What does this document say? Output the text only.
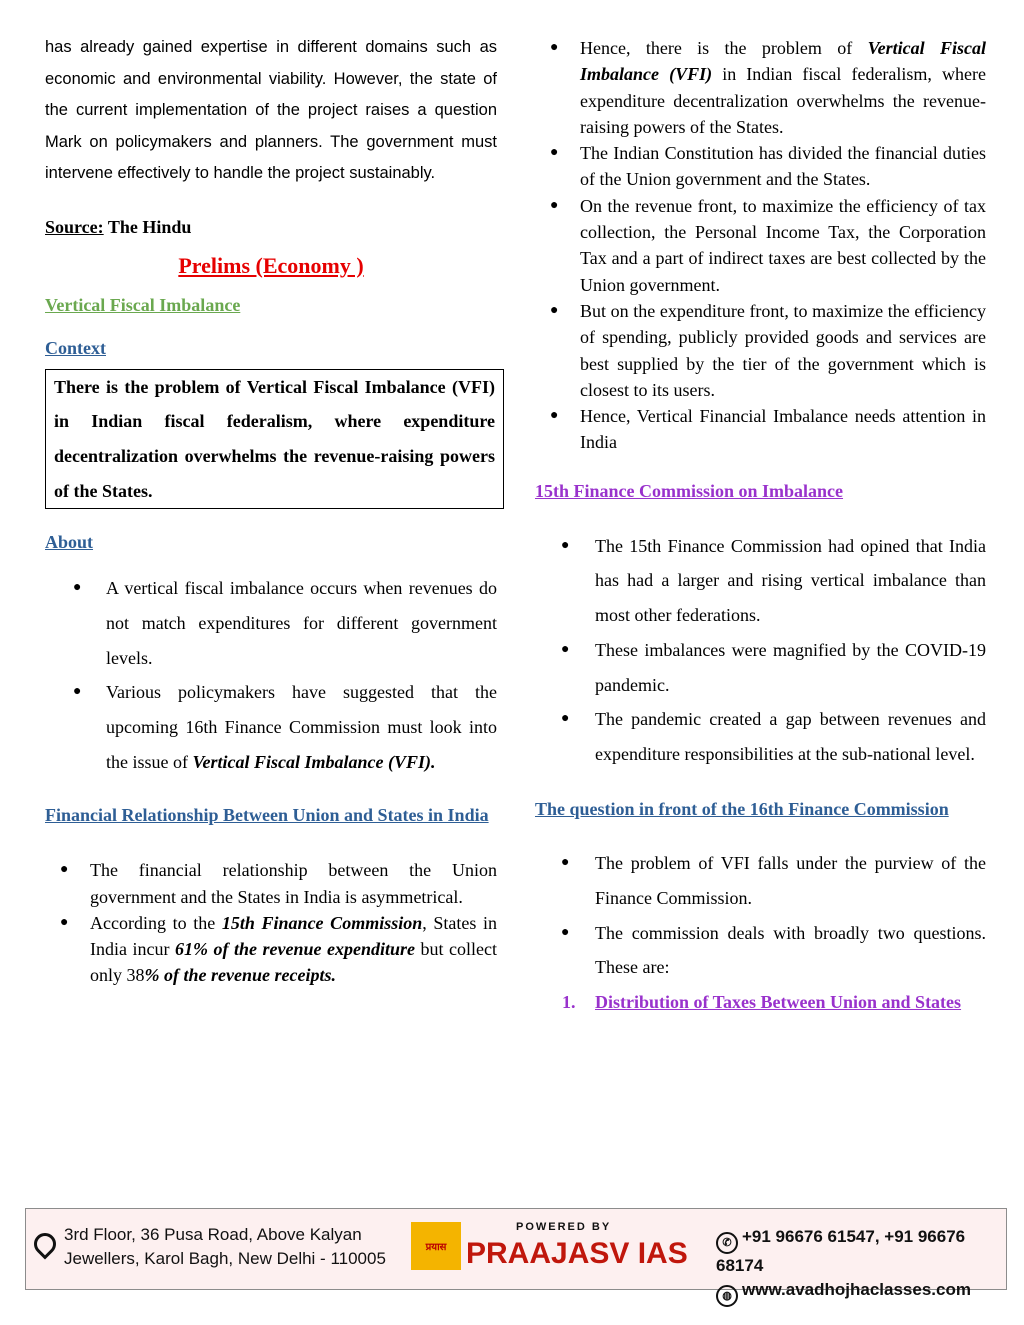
has already gained expertise in different domains such as economic and environmental viability. However, the state of the current implementation of the project raises a question Mark on policymakers and planners. The government must intervene effectively to handle the project sustainably.
Source: The Hindu
Prelims (Economy )
Vertical Fiscal Imbalance
Context
There is the problem of Vertical Fiscal Imbalance (VFI) in Indian fiscal federalism, where expenditure decentralization overwhelms the revenue-raising powers of the States.
About
● A vertical fiscal imbalance occurs when revenues do not match expenditures for different government levels.
● Various policymakers have suggested that the upcoming 16th Finance Commission must look into the issue of Vertical Fiscal Imbalance (VFI).
Financial Relationship Between Union and States in India
● The financial relationship between the Union government and the States in India is asymmetrical.
● According to the 15th Finance Commission, States in India incur 61% of the revenue expenditure but collect only 38% of the revenue receipts.
● Hence, there is the problem of Vertical Fiscal Imbalance (VFI) in Indian fiscal federalism, where expenditure decentralization overwhelms the revenue-raising powers of the States.
● The Indian Constitution has divided the financial duties of the Union government and the States.
● On the revenue front, to maximize the efficiency of tax collection, the Personal Income Tax, the Corporation Tax and a part of indirect taxes are best collected by the Union government.
● But on the expenditure front, to maximize the efficiency of spending, publicly provided goods and services are best supplied by the tier of the government which is closest to its users.
● Hence, Vertical Financial Imbalance needs attention in India
15th Finance Commission on Imbalance
● The 15th Finance Commission had opined that India has had a larger and rising vertical imbalance than most other federations.
● These imbalances were magnified by the COVID-19 pandemic.
● The pandemic created a gap between revenues and expenditure responsibilities at the sub-national level.
The question in front of the 16th Finance Commission
● The problem of VFI falls under the purview of the Finance Commission.
● The commission deals with broadly two questions. These are:
1. Distribution of Taxes Between Union and States
3rd Floor, 36 Pusa Road, Above Kalyan
Jewellers, Karol Bagh, New Delhi - 110005
प्रयास
POWERED BY
PRAAJASV IAS	✆ +91 96676 61547, +91 96676 68174
◍ www.avadhojhaclasses.com
